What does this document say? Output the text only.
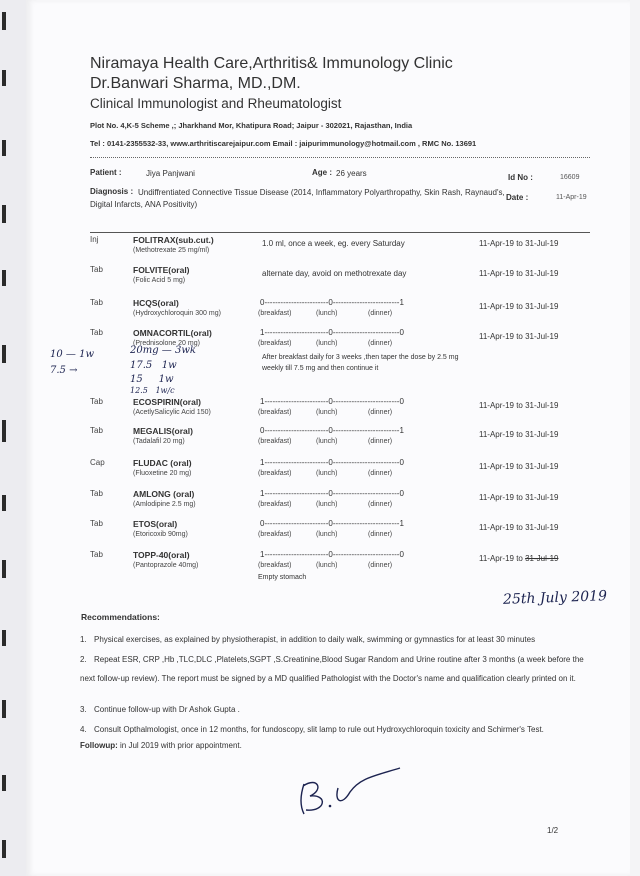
Niramaya Health Care,Arthritis& Immunology Clinic
Dr.Banwari Sharma, MD.,DM.
Clinical Immunologist and Rheumatologist
Plot No. 4,K-5 Scheme ,; Jharkhand Mor, Khatipura Road; Jaipur - 302021, Rajasthan, India
Tel : 0141-2355532-33, www.arthritiscarejaipur.com Email : jaipurimmunology@hotmail.com , RMC No. 13691
Patient :	Jiya Panjwani	Age : 26 years	Id No :	16609
Diagnosis : Undiffrentiated Connective Tissue Disease (2014, Inflammatory Polyarthropathy, Skin Rash, Raynaud's, Digital Infarcts, ANA Positivity)
Date :	11-Apr-19
Inj	FOLITRAX(sub.cut.)
(Methotrexate 25 mg/ml)
1.0 ml, once a week, eg. every Saturday	11-Apr-19 to 31-Jul-19
Tab	FOLVITE(oral)
(Folic Acid 5 mg)
alternate day, avoid on methotrexate day	11-Apr-19 to 31-Jul-19
Tab	HCQS(oral)
(Hydroxychloroquin 300 mg)
0------------------------0-------------------------1
(breakfast)	(lunch)	(dinner)
11-Apr-19 to 31-Jul-19
Tab	OMNACORTIL(oral)
(Prednisolone 20 mg)
1------------------------0-------------------------0
(breakfast)	(lunch)	(dinner)
After breakfast daily for 3 weeks ,then taper the dose by 2.5 mg weekly till 7.5 mg and then continue it
11-Apr-19 to 31-Jul-19
Tab	ECOSPIRIN(oral)
(AcetlySalicylic Acid 150)
1------------------------0-------------------------0
(breakfast)	(lunch)	(dinner)
11-Apr-19 to 31-Jul-19
Tab	MEGALIS(oral)
(Tadalafil 20 mg)
0------------------------0-------------------------1
(breakfast)	(lunch)	(dinner)
11-Apr-19 to 31-Jul-19
Cap	FLUDAC (oral)
(Fluoxetine 20 mg)
1------------------------0-------------------------0
(breakfast)	(lunch)	(dinner)
11-Apr-19 to 31-Jul-19
Tab	AMLONG (oral)
(Amlodipine 2.5 mg)
1------------------------0-------------------------0
(breakfast)	(lunch)	(dinner)
11-Apr-19 to 31-Jul-19
Tab	ETOS(oral)
(Etoricoxib 90mg)
0------------------------0-------------------------1
(breakfast)	(lunch)	(dinner)
11-Apr-19 to 31-Jul-19
Tab	TOPP-40(oral)
(Pantoprazole 40mg)
1------------------------0-------------------------0
(breakfast)	(lunch)	(dinner)
Empty stomach
11-Apr-19 to 31-Jul-19
10 — 1w
7.5 →
20mg — 3wk
17.5   1w
15     1w
12.5   1w/c
25th July 2019
Recommendations:
1. Physical exercises, as explained by physiotherapist, in addition to daily walk, swimming or gymnastics for at least 30 minutes
2. Repeat ESR, CRP ,Hb ,TLC,DLC ,Platelets,SGPT ,S.Creatinine,Blood Sugar Random and Urine routine after 3 months (a week before the next follow-up review). The report must be signed by a MD qualified Pathologist with the Doctor's name and qualification clearly printed on it.
3. Continue follow-up with Dr Ashok Gupta .
4. Consult Opthalmologist, once in 12 months, for fundoscopy, slit lamp to rule out Hydroxychloroquin toxicity and Schirmer's Test.
Followup: in Jul 2019 with prior appointment.
B.S
1/2
